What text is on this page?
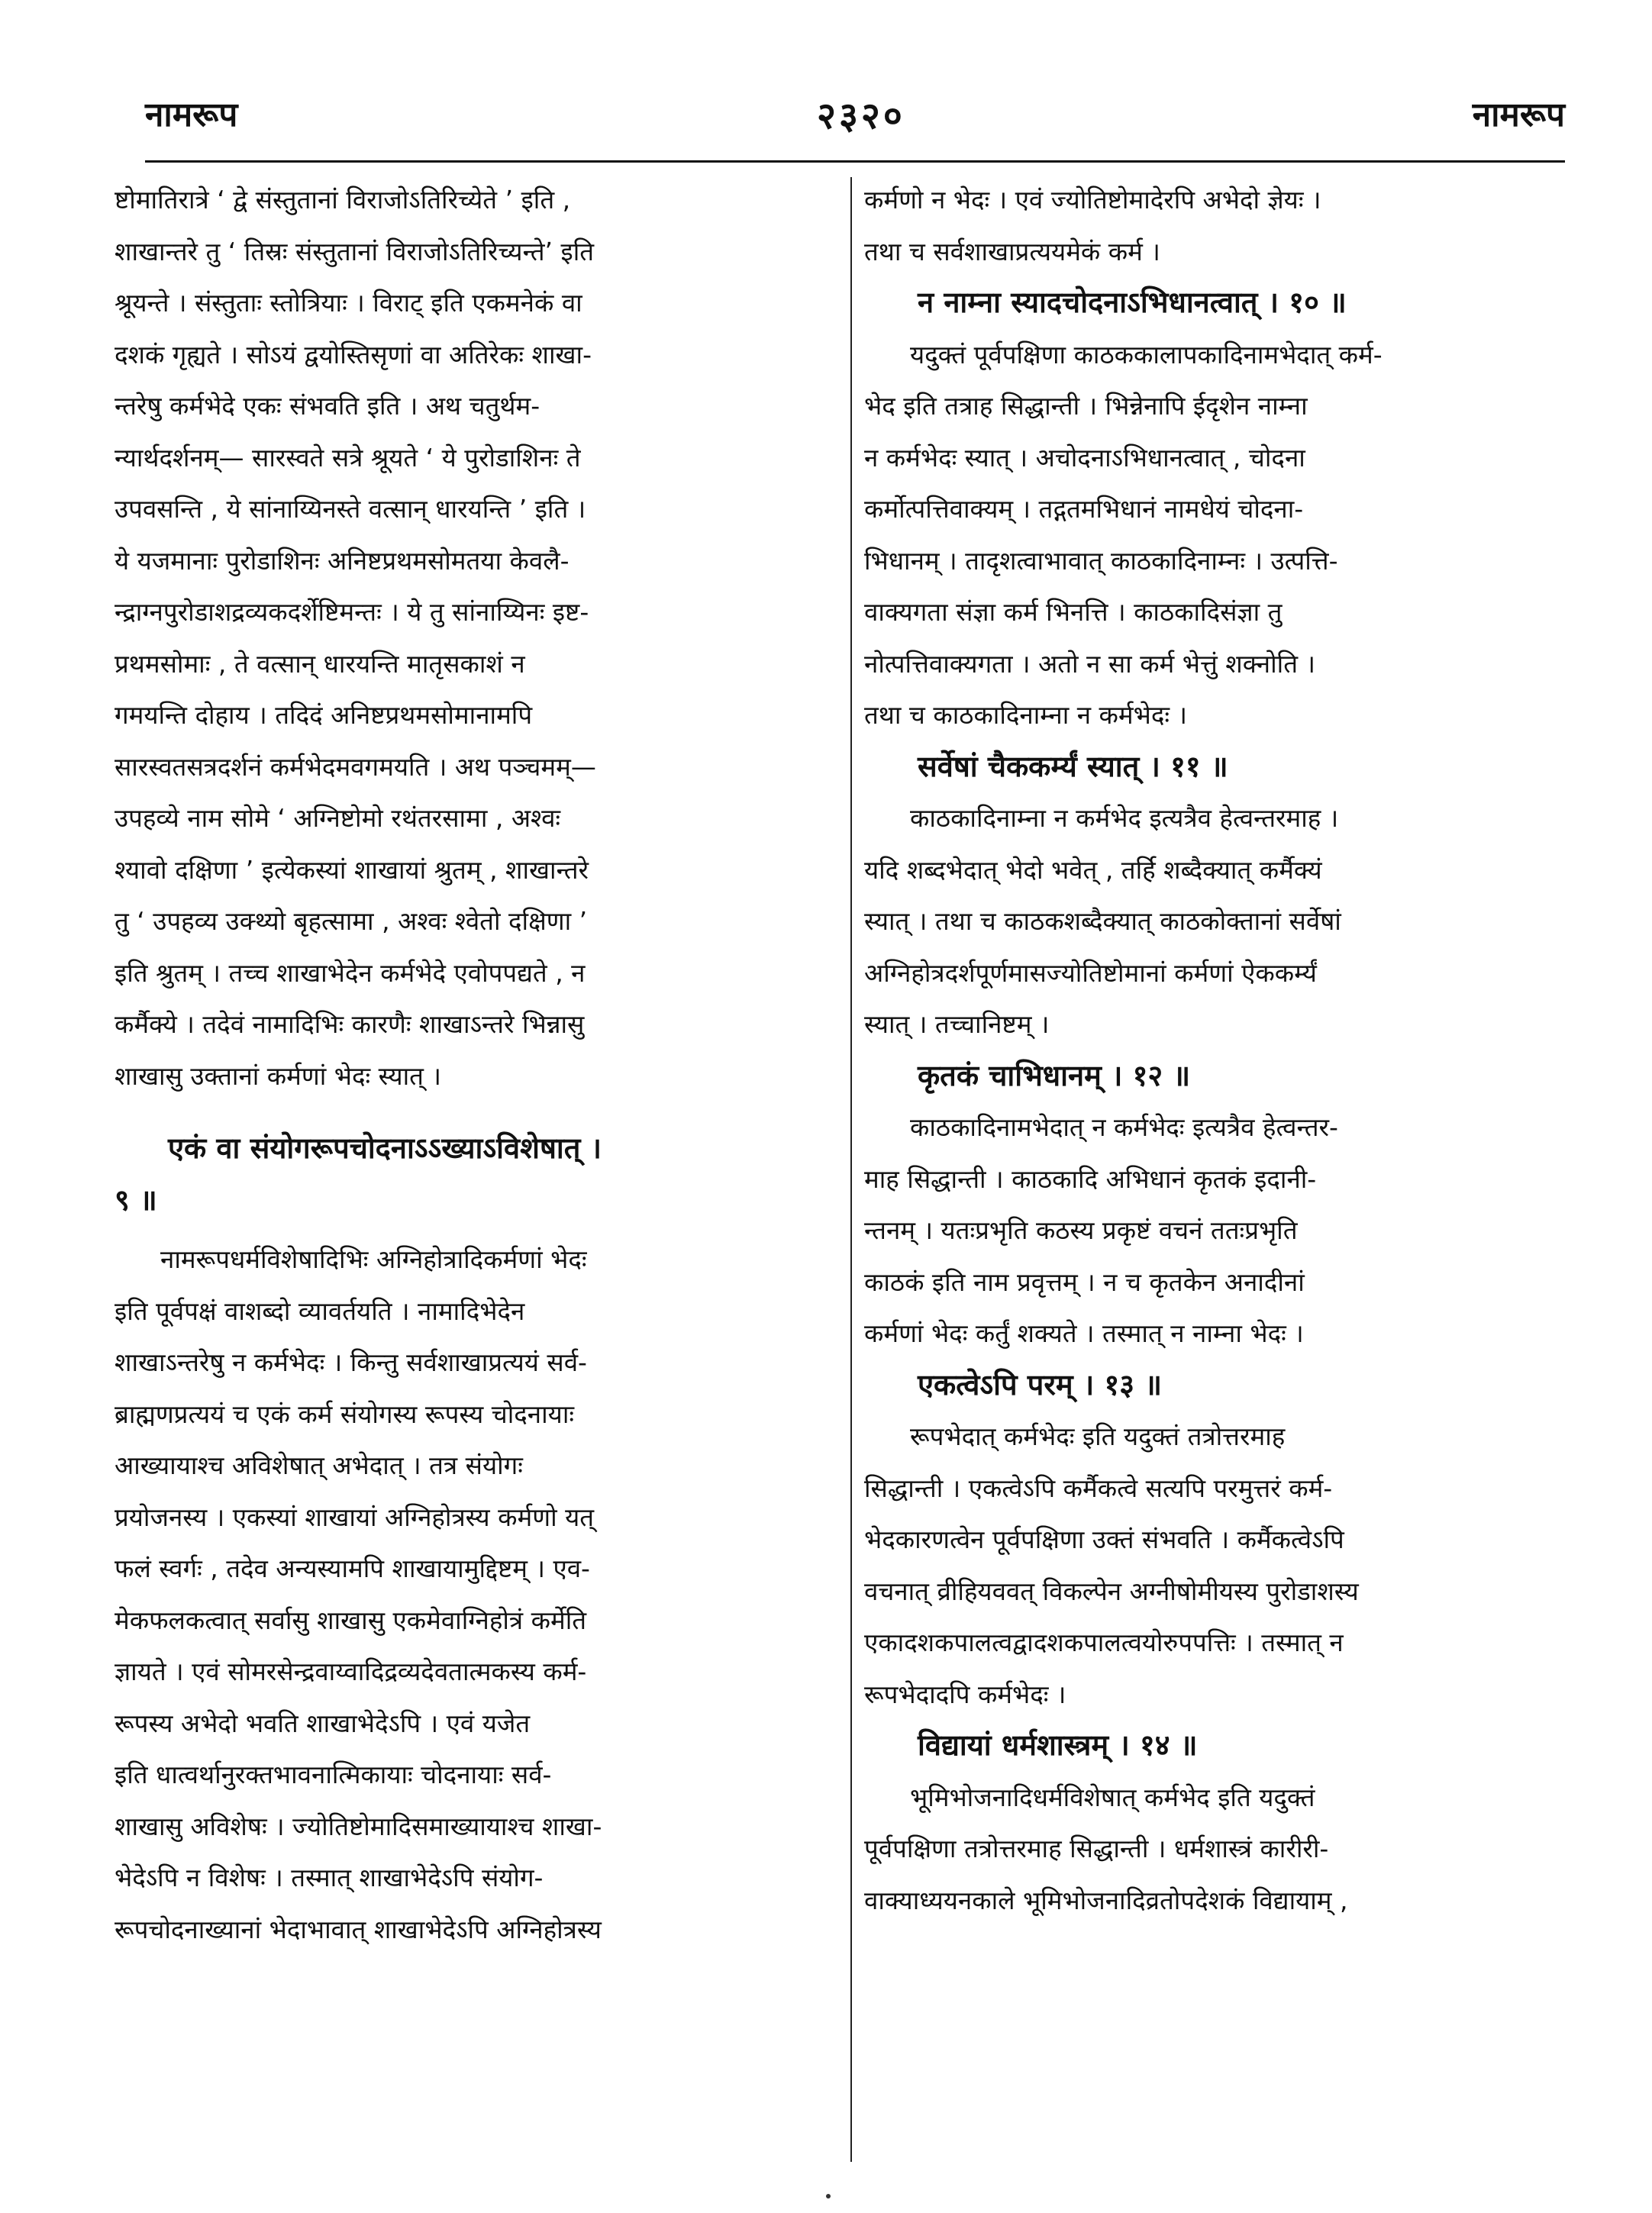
नामरूप	२३२०	नामरूप
ष्टोमातिरात्रे ‘ द्वे संस्तुतानां विराजोऽतिरिच्येते ’ इति ,
शाखान्तरे तु ‘ तिस्रः संस्तुतानां विराजोऽतिरिच्यन्ते’ इति
श्रूयन्ते । संस्तुताः स्तोत्रियाः । विराट् इति एकमनेकं वा
दशकं गृह्यते । सोऽयं द्वयोस्तिसृणां वा अतिरेकः शाखा-
न्तरेषु कर्मभेदे एकः संभवति इति । अथ चतुर्थम-
न्यार्थदर्शनम्— सारस्वते सत्रे श्रूयते ‘ ये पुरोडाशिनः ते
उपवसन्ति , ये सांनाय्यिनस्ते वत्सान् धारयन्ति ’ इति ।
ये यजमानाः पुरोडाशिनः अनिष्टप्रथमसोमतया केवलै-
न्द्राग्नपुरोडाशद्रव्यकदर्शेष्टिमन्तः । ये तु सांनाय्यिनः इष्ट-
प्रथमसोमाः , ते वत्सान् धारयन्ति मातृसकाशं न
गमयन्ति दोहाय । तदिदं अनिष्टप्रथमसोमानामपि
सारस्वतसत्रदर्शनं कर्मभेदमवगमयति । अथ पञ्चमम्—
उपहव्ये नाम सोमे ‘ अग्निष्टोमो रथंतरसामा , अश्वः
श्यावो दक्षिणा ’ इत्येकस्यां शाखायां श्रुतम् , शाखान्तरे
तु ‘ उपहव्य उक्थ्यो बृहत्सामा , अश्वः श्वेतो दक्षिणा ’
इति श्रुतम् । तच्च शाखाभेदेन कर्मभेदे एवोपपद्यते , न
कर्मैक्ये । तदेवं नामादिभिः कारणैः शाखाऽन्तरे भिन्नासु
शाखासु उक्तानां कर्मणां भेदः स्यात् ।
एकं वा संयोगरूपचोदनाऽऽख्याऽविशेषात् ।
९ ॥
नामरूपधर्मविशेषादिभिः अग्निहोत्रादिकर्मणां भेदः
इति पूर्वपक्षं वाशब्दो व्यावर्तयति । नामादिभेदेन
शाखाऽन्तरेषु न कर्मभेदः । किन्तु सर्वशाखाप्रत्ययं सर्व-
ब्राह्मणप्रत्ययं च एकं कर्म संयोगस्य रूपस्य चोदनायाः
आख्यायाश्च अविशेषात् अभेदात् । तत्र संयोगः
प्रयोजनस्य । एकस्यां शाखायां अग्निहोत्रस्य कर्मणो यत्
फलं स्वर्गः , तदेव अन्यस्यामपि शाखायामुद्दिष्टम् । एव-
मेकफलकत्वात् सर्वासु शाखासु एकमेवाग्निहोत्रं कर्मेति
ज्ञायते । एवं सोमरसेन्द्रवाय्वादिद्रव्यदेवतात्मकस्य कर्म-
रूपस्य अभेदो भवति शाखाभेदेऽपि । एवं यजेत
इति धात्वर्थानुरक्तभावनात्मिकायाः चोदनायाः सर्व-
शाखासु अविशेषः । ज्योतिष्टोमादिसमाख्यायाश्च शाखा-
भेदेऽपि न विशेषः । तस्मात् शाखाभेदेऽपि संयोग-
रूपचोदनाख्यानां भेदाभावात् शाखाभेदेऽपि अग्निहोत्रस्य
कर्मणो न भेदः । एवं ज्योतिष्टोमादेरपि अभेदो ज्ञेयः ।
तथा च सर्वशाखाप्रत्ययमेकं कर्म ।
न नाम्ना स्यादचोदनाऽभिधानत्वात् । १० ॥
यदुक्तं पूर्वपक्षिणा काठककालापकादिनामभेदात् कर्म-
भेद इति तत्राह सिद्धान्ती । भिन्नेनापि ईदृशेन नाम्ना
न कर्मभेदः स्यात् । अचोदनाऽभिधानत्वात् , चोदना
कर्मोत्पत्तिवाक्यम् । तद्गतमभिधानं नामधेयं चोदना-
भिधानम् । तादृशत्वाभावात् काठकादिनाम्नः । उत्पत्ति-
वाक्यगता संज्ञा कर्म भिनत्ति । काठकादिसंज्ञा तु
नोत्पत्तिवाक्यगता । अतो न सा कर्म भेत्तुं शक्नोति ।
तथा च काठकादिनाम्ना न कर्मभेदः ।
सर्वेषां चैककर्म्यं स्यात् । ११ ॥
काठकादिनाम्ना न कर्मभेद इत्यत्रैव हेत्वन्तरमाह ।
यदि शब्दभेदात् भेदो भवेत् , तर्हि शब्दैक्यात् कर्मैक्यं
स्यात् । तथा च काठकशब्दैक्यात् काठकोक्तानां सर्वेषां
अग्निहोत्रदर्शपूर्णमासज्योतिष्टोमानां कर्मणां ऐककर्म्यं
स्यात् । तच्चानिष्टम् ।
कृतकं चाभिधानम् । १२ ॥
काठकादिनामभेदात् न कर्मभेदः इत्यत्रैव हेत्वन्तर-
माह सिद्धान्ती । काठकादि अभिधानं कृतकं इदानी-
न्तनम् । यतःप्रभृति कठस्य प्रकृष्टं वचनं ततःप्रभृति
काठकं इति नाम प्रवृत्तम् । न च कृतकेन अनादीनां
कर्मणां भेदः कर्तुं शक्यते । तस्मात् न नाम्ना भेदः ।
एकत्वेऽपि परम् । १३ ॥
रूपभेदात् कर्मभेदः इति यदुक्तं तत्रोत्तरमाह
सिद्धान्ती । एकत्वेऽपि कर्मैकत्वे सत्यपि परमुत्तरं कर्म-
भेदकारणत्वेन पूर्वपक्षिणा उक्तं संभवति । कर्मैकत्वेऽपि
वचनात् व्रीहियववत् विकल्पेन अग्नीषोमीयस्य पुरोडाशस्य
एकादशकपालत्वद्वादशकपालत्वयोरुपपत्तिः । तस्मात् न
रूपभेदादपि कर्मभेदः ।
विद्यायां धर्मशास्त्रम् । १४ ॥
भूमिभोजनादिधर्मविशेषात् कर्मभेद इति यदुक्तं
पूर्वपक्षिणा तत्रोत्तरमाह सिद्धान्ती । धर्मशास्त्रं कारीरी-
वाक्याध्ययनकाले भूमिभोजनादिव्रतोपदेशकं विद्यायाम् ,
